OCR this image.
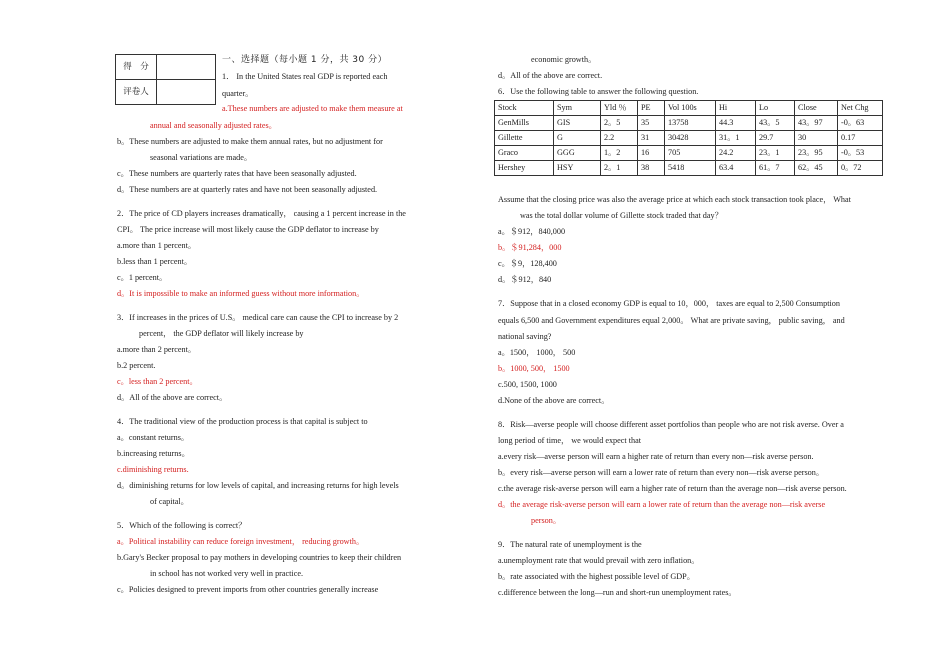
得　分	
评卷人	
一、选择题（每小题 1 分，共 30 分）
1． In the United States real GDP is reported each
quarter。
a.These numbers are adjusted to make them measure at
annual and seasonally adjusted rates。
b。These numbers are adjusted to make them annual rates, but no adjustment for
seasonal variations are made。
c。These numbers are quarterly rates that have been seasonally adjusted.
d。These numbers are at quarterly rates and have not been seasonally adjusted.
2．The price of CD players increases dramatically， causing a 1 percent increase in the
CPI。 The price increase will most likely cause the GDP deflator to increase by
a.more than 1 percent。
b.less than 1 percent。
c。1 percent。
d。It is impossible to make an informed guess without more information。
3．If increases in the prices of U.S。 medical care can cause the CPI to increase by 2
percent， the GDP deflator will likely increase by
a.more than 2 percent。
b.2 percent.
c。less than 2 percent。
d。All of the above are correct。
4．The traditional view of the production process is that capital is subject to
a。constant returns。
b.increasing returns。
c.diminishing returns.
d。diminishing returns for low levels of capital, and increasing returns for high levels
of capital。
5．Which of the following is correct？
a。Political instability can reduce foreign investment， reducing growth。
b.Gary's Becker proposal to pay mothers in developing countries to keep their children
in school has not worked very well in practice.
c。Policies designed to prevent imports from other countries generally increase
economic growth。
d。All of the above are correct.
6．Use the following table to answer the following question.
Stock	Sym	Yld ％	PE	Vol 100s	Hi	Lo	Close	Net Chg
GenMills	GIS	2。5	35	13758	44.3	43。5	43。97	-0。63
Gillette	G	2.2	31	30428	31。1	29.7	30	0.17
Graco	GGG	1。2	16	705	24.2	23。1	23。95	-0。53
Hershey	HSY	2。1	38	5418	63.4	61。7	62。45	0。72
Assume that the closing price was also the average price at which each stock transaction took place， What
was the total dollar volume of Gillette stock traded that day？
a。＄912，840,000
b。＄91,284，000
c。＄9，128,400
d。＄912，840
7．Suppose that in a closed economy GDP is equal to 10，000， taxes are equal to 2,500 Consumption
equals 6,500 and Government expenditures equal 2,000。 What are private saving， public saving， and
national saving?
a。1500， 1000， 500
b。1000, 500， 1500
c.500, 1500, 1000
d.None of the above are correct。
8．Risk—averse people will choose different asset portfolios than people who are not risk averse. Over a
long period of time， we would expect that
a.every risk—averse person will earn a higher rate of return than every non—risk averse person.
b。every risk—averse person will earn a lower rate of return than every non—risk averse person。
c.the average risk-averse person will earn a higher rate of return than the average non—risk averse person.
d。the average risk-averse person will earn a lower rate of return than the average non—risk averse
person。
9．The natural rate of unemployment is the
a.unemployment rate that would prevail with zero inflation。
b。rate associated with the highest possible level of GDP。
c.difference between the long—run and short-run unemployment rates。
